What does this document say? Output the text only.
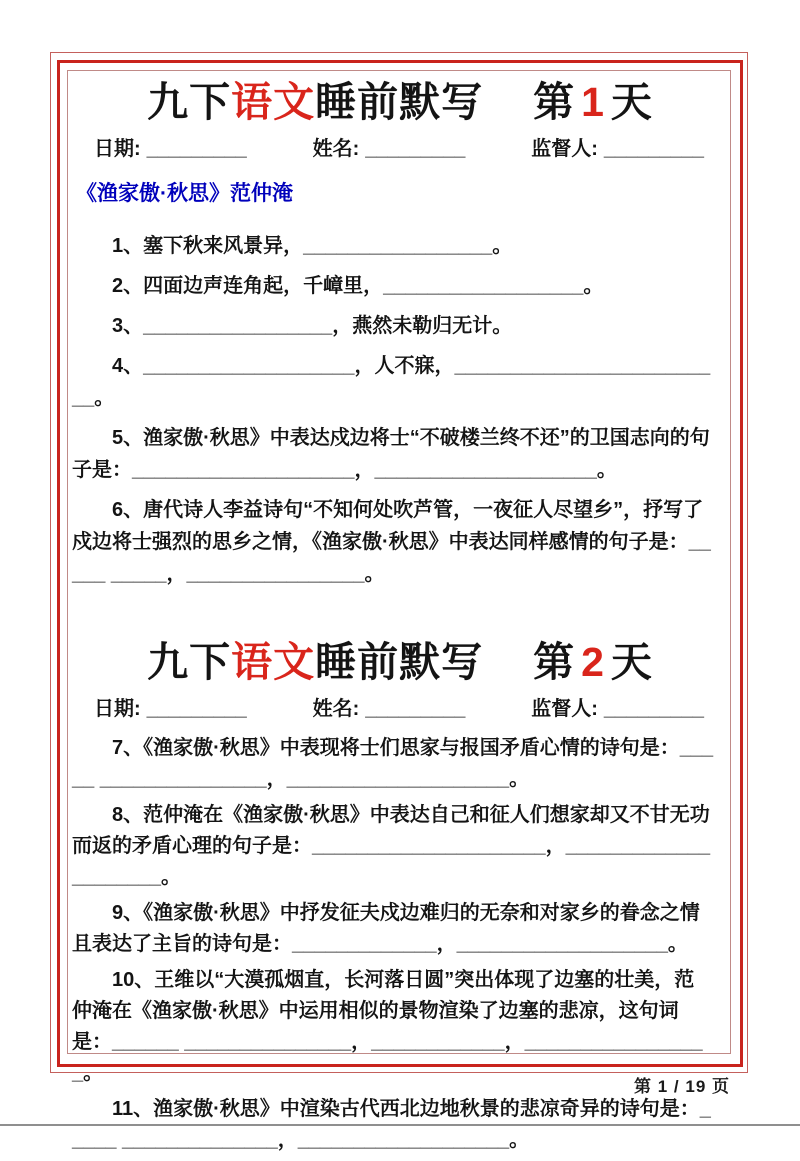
九下语文睡前默写 第 1 天
日期: _________	姓名: _________	监督人: _________
《渔家傲·秋思》范仲淹

1、塞下秋来风景异，_________________。

2、四面边声连角起，千嶂里，__________________。

3、_________________，燕然未勒归无计。

4、___________________，人不寐，_________________________。

5、渔家傲·秋思》中表达戍边将士“不破楼兰终不还”的卫国志向的句子是：____________________，____________________。

6、唐代诗人李益诗句“不知何处吹芦管，一夜征人尽望乡”，抒写了戍边将士强烈的思乡之情，《渔家傲·秋思》中表达同样感情的句子是：_____ _____，________________。

九下语文睡前默写 第 2 天
日期: _________	姓名: _________	监督人: _________

7、《渔家傲·秋思》中表现将士们思家与报国矛盾心情的诗句是：_____ _______________，____________________。

8、范仲淹在《渔家傲·秋思》中表达自己和征人们想家却又不甘无功而返的矛盾心理的句子是：_____________________，_____________________。

9、《渔家傲·秋思》中抒发征夫戍边难归的无奈和对家乡的眷念之情且表达了主旨的诗句是：_____________，___________________。

10、王维以“大漠孤烟直，长河落日圆”突出体现了边塞的壮美，范仲淹在《渔家傲·秋思》中运用相似的景物渲染了边塞的悲凉，这句词是：______ _______________，____________，_________________。

11、渔家傲·秋思》中渲染古代西北边地秋景的悲凉奇异的诗句是：_____ ______________，___________________。

第 1 / 19 页
